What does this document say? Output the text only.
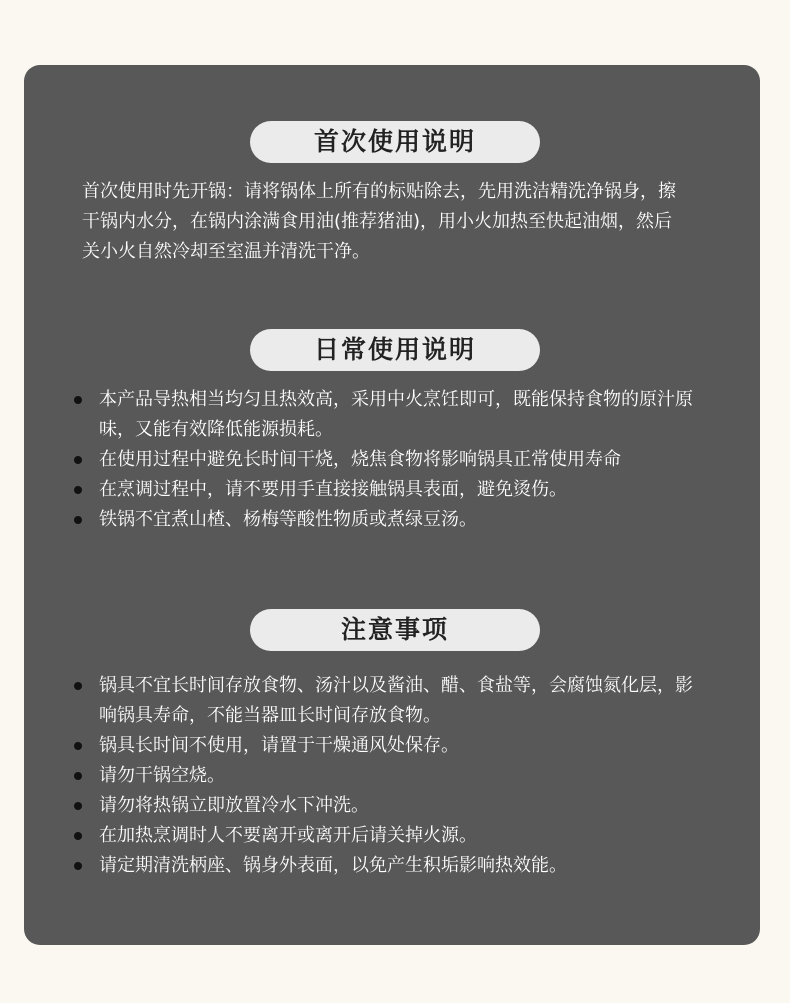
首次使用说明

首次使用时先开锅：请将锅体上所有的标贴除去，先用洗洁精洗净锅身，擦干锅内水分，在锅内涂满食用油(推荐猪油)，用小火加热至快起油烟，然后关小火自然冷却至室温并清洗干净。

日常使用说明
本产品导热相当均匀且热效高，采用中火烹饪即可，既能保持食物的原汁原味，又能有效降低能源损耗。
在使用过程中避免长时间干烧，烧焦食物将影响锅具正常使用寿命
在烹调过程中，请不要用手直接接触锅具表面，避免烫伤。
铁锅不宜煮山楂、杨梅等酸性物质或煮绿豆汤。
注意事项
锅具不宜长时间存放食物、汤汁以及酱油、醋、食盐等，会腐蚀氮化层，影响锅具寿命，不能当器皿长时间存放食物。
锅具长时间不使用，请置于干燥通风处保存。
请勿干锅空烧。
请勿将热锅立即放置冷水下冲洗。
在加热烹调时人不要离开或离开后请关掉火源。
请定期清洗柄座、锅身外表面，以免产生积垢影响热效能。
